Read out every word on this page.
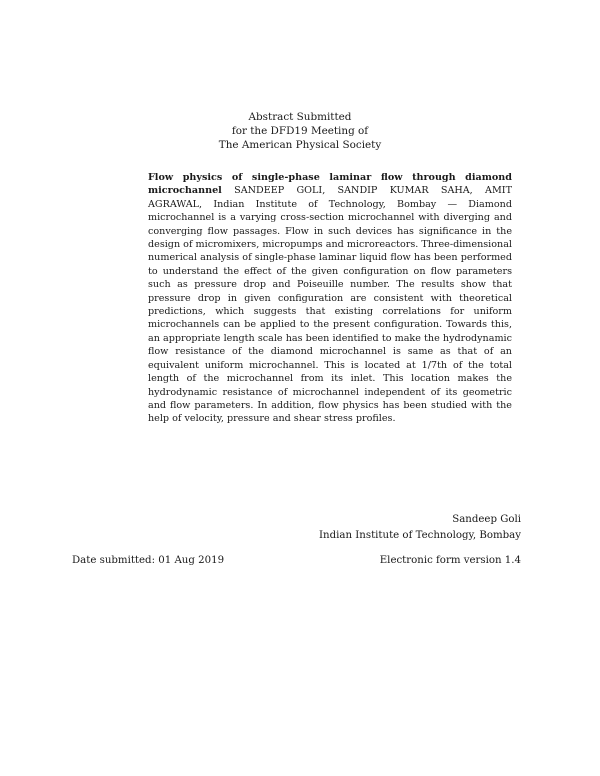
Abstract Submitted
for the DFD19 Meeting of
The American Physical Society
Flow physics of single-phase laminar flow through diamond microchannel SANDEEP GOLI, SANDIP KUMAR SAHA, AMIT AGRAWAL, Indian Institute of Technology, Bombay — Diamond microchannel is a varying cross-section microchannel with diverging and converging flow passages. Flow in such devices has significance in the design of micromixers, micropumps and microreactors. Three-dimensional numerical analysis of single-phase laminar liquid flow has been performed to understand the effect of the given configuration on flow parameters such as pressure drop and Poiseuille number. The results show that pressure drop in given configuration are consistent with theoretical predictions, which suggests that existing correlations for uniform microchannels can be applied to the present configuration. Towards this, an appropriate length scale has been identified to make the hydrodynamic flow resistance of the diamond microchannel is same as that of an equivalent uniform microchannel. This is located at 1/7th of the total length of the microchannel from its inlet. This location makes the hydrodynamic resistance of microchannel independent of its geometric and flow parameters. In addition, flow physics has been studied with the help of velocity, pressure and shear stress profiles.
Sandeep Goli
Indian Institute of Technology, Bombay
Date submitted: 01 Aug 2019	Electronic form version 1.4
